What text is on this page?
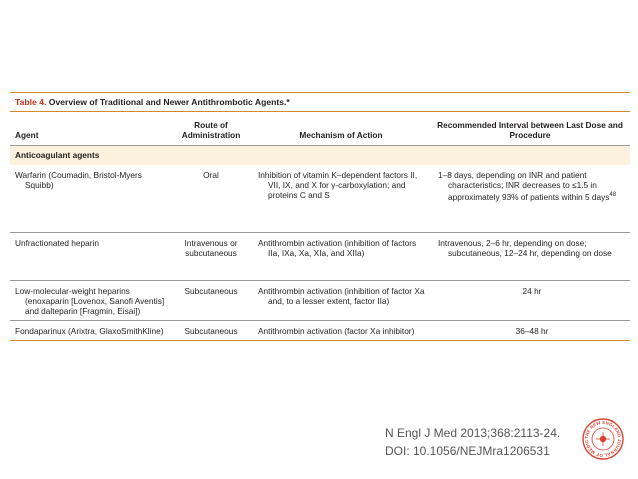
Table 4. Overview of Traditional and Newer Antithrombotic Agents.*
Agent	Route of Administration	Mechanism of Action	Recommended Interval between Last Dose and Procedure
Anticoagulant agents			

Warfarin (Coumadin, Bristol-Myers Squibb)	Oral	Inhibition of vitamin K–dependent factors II, VII, IX, and X for γ-carboxylation; and proteins C and S	1–8 days, depending on INR and patient characteristics; INR decreases to ≤1.5 in approximately 93% of patients within 5 days$^{48}$

Unfractionated heparin	Intravenous or subcutaneous	Antithrombin activation (inhibition of factors IIa, IXa, Xa, XIa, and XIIa)	Intravenous, 2–6 hr, depending on dose; subcutaneous, 12–24 hr, depending on dose

Low-molecular-weight heparins (enoxaparin [Lovenox, Sanofi Aventis] and dalteparin [Fragmin, Eisai])	Subcutaneous	Antithrombin activation (inhibition of factor Xa and, to a lesser extent, factor IIa)	24 hr

Fondaparinux (Arixtra, GlaxoSmithKline)	Subcutaneous	Antithrombin activation (factor Xa inhibitor)	36–48 hr
N Engl J Med 2013;368:2113-24.
DOI: 10.1056/NEJMra1206531
THE NEW ENGLAND JOURNAL OF MEDIC
